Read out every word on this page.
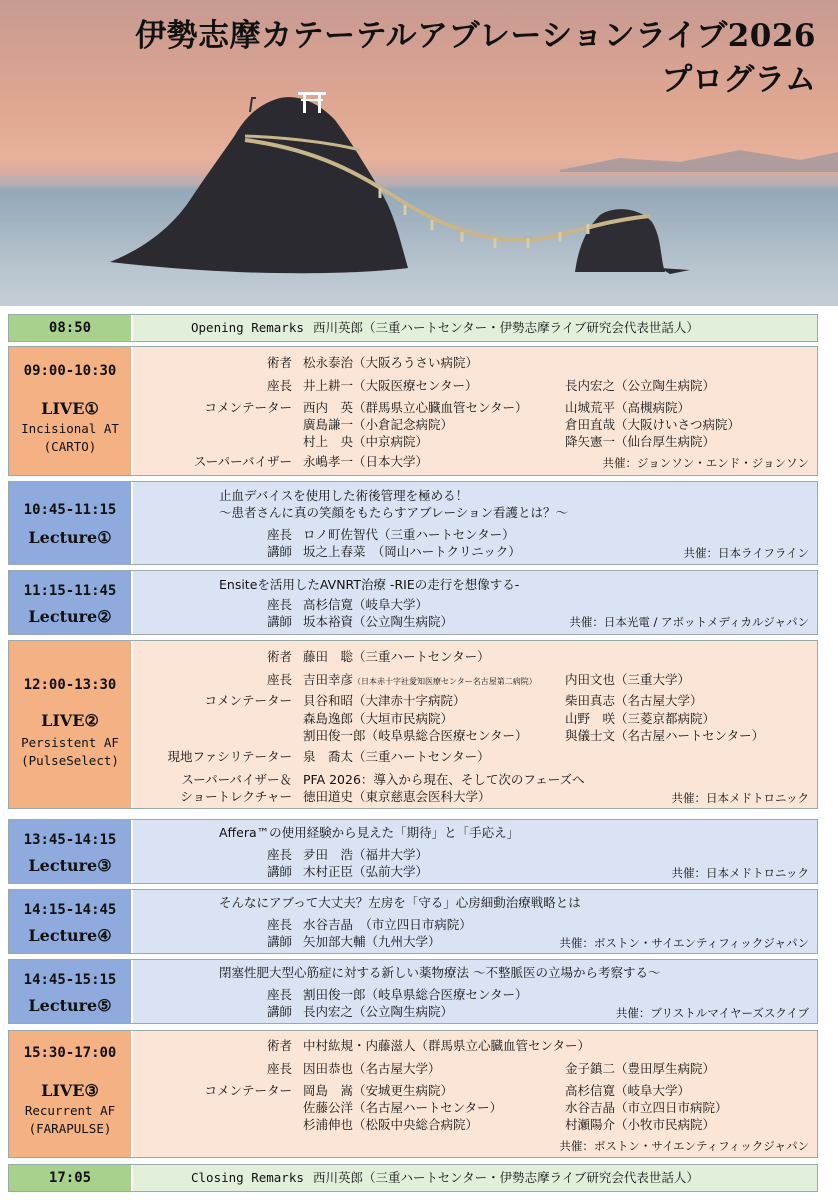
伊勢志摩カテーテルアブレーションライブ2026
プログラム
08:50	Opening Remarks 西川英郎（三重ハートセンター・伊勢志摩ライブ研究会代表世話人）
09:00-10:30
LIVE①
Incisional AT
(CARTO)
術者 松永泰治（大阪ろうさい病院）
座長 井上耕一（大阪医療センター）	長内宏之（公立陶生病院）
コメンテーター 西内　英（群馬県立心臓血管センター）	山城荒平（高槻病院）
廣島謙一（小倉記念病院）	倉田直哉（大阪けいさつ病院）
村上　央（中京病院）	降矢憲一（仙台厚生病院）
スーパーバイザー 永嶋孝一（日本大学）	共催：ジョンソン・エンド・ジョンソン
10:45-11:15
Lecture①
止血デバイスを使用した術後管理を極める！
～患者さんに真の笑顔をもたらすアブレーション看護とは？～
座長 ロノ町佐智代（三重ハートセンター）
講師 坂之上春菜　（岡山ハートクリニック）	共催：日本ライフライン
11:15-11:45
Lecture②
Ensiteを活用したAVNRT治療 -RIEの走行を想像する-
座長 高杉信寛（岐阜大学）
講師 坂本裕資（公立陶生病院）	共催：日本光電 / アボットメディカルジャパン
12:00-13:30
LIVE②
Persistent AF
(PulseSelect)
術者 藤田　聡（三重ハートセンター）
座長 吉田幸彦（日本赤十字社愛知医療センター名古屋第二病院） 内田文也（三重大学）
コメンテーター 貝谷和昭（大津赤十字病院）	柴田真志（名古屋大学）
森島逸郎（大垣市民病院）	山野　咲（三菱京都病院）
割田俊一郎（岐阜県総合医療センター）	與儀士文（名古屋ハートセンター）
現地ファシリテーター 泉　喬太（三重ハートセンター）
スーパーバイザー＆
ショートレクチャー
PFA 2026：導入から現在、そして次のフェーズへ
徳田道史（東京慈恵会医科大学）	共催：日本メドトロニック
13:45-14:15
Lecture③
Affera™の使用経験から見えた「期待」と「手応え」
座長 夛田　浩（福井大学）
講師 木村正臣（弘前大学）	共催：日本メドトロニック
14:15-14:45
Lecture④
そんなにアブって大丈夫？左房を「守る」心房細動治療戦略とは
座長 水谷吉晶　（市立四日市病院）
講師 矢加部大輔（九州大学）	共催：ボストン・サイエンティフィックジャパン
14:45-15:15
Lecture⑤
閉塞性肥大型心筋症に対する新しい薬物療法 ～不整脈医の立場から考察する～
座長 割田俊一郎（岐阜県総合医療センター）
講師 長内宏之（公立陶生病院）	共催：ブリストルマイヤーズスクイブ
15:30-17:00
LIVE③
Recurrent AF
(FARAPULSE)
術者 中村紘規・内藤滋人（群馬県立心臓血管センター）
座長 因田恭也（名古屋大学）	金子鎮二（豊田厚生病院）
コメンテーター 岡島　嵩（安城更生病院）	高杉信寛（岐阜大学）
佐藤公洋（名古屋ハートセンター）	水谷吉晶（市立四日市病院）
杉浦伸也（松阪中央総合病院）	村瀬陽介（小牧市民病院）
共催：ボストン・サイエンティフィックジャパン
17:05	Closing Remarks 西川英郎（三重ハートセンター・伊勢志摩ライブ研究会代表世話人）
